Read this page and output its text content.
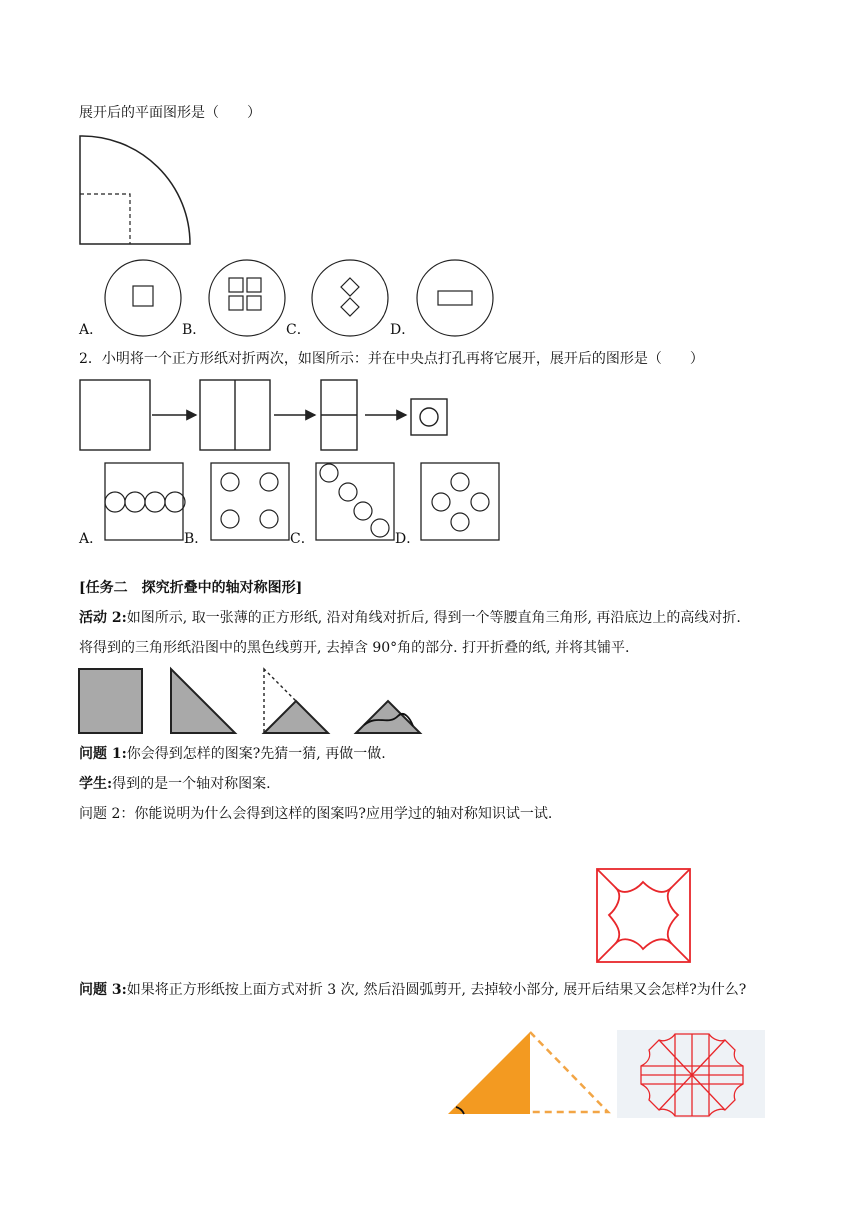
展开后的平面图形是（　　）
A．	B．	C．	D．
2．小明将一个正方形纸对折两次，如图所示：并在中央点打孔再将它展开，展开后的图形是（　　）
A．	B．	C．	D．
[任务二　探究折叠中的轴对称图形]
活动 2:如图所示, 取一张薄的正方形纸, 沿对角线对折后, 得到一个等腰直角三角形, 再沿底边上的高线对折.
将得到的三角形纸沿图中的黑色线剪开, 去掉含 90°角的部分. 打开折叠的纸, 并将其铺平.
问题 1:你会得到怎样的图案?先猜一猜, 再做一做.
学生:得到的是一个轴对称图案.
问题 2：你能说明为什么会得到这样的图案吗?应用学过的轴对称知识试一试.
问题 3:如果将正方形纸按上面方式对折 3 次, 然后沿圆弧剪开, 去掉较小部分, 展开后结果又会怎样?为什么?
